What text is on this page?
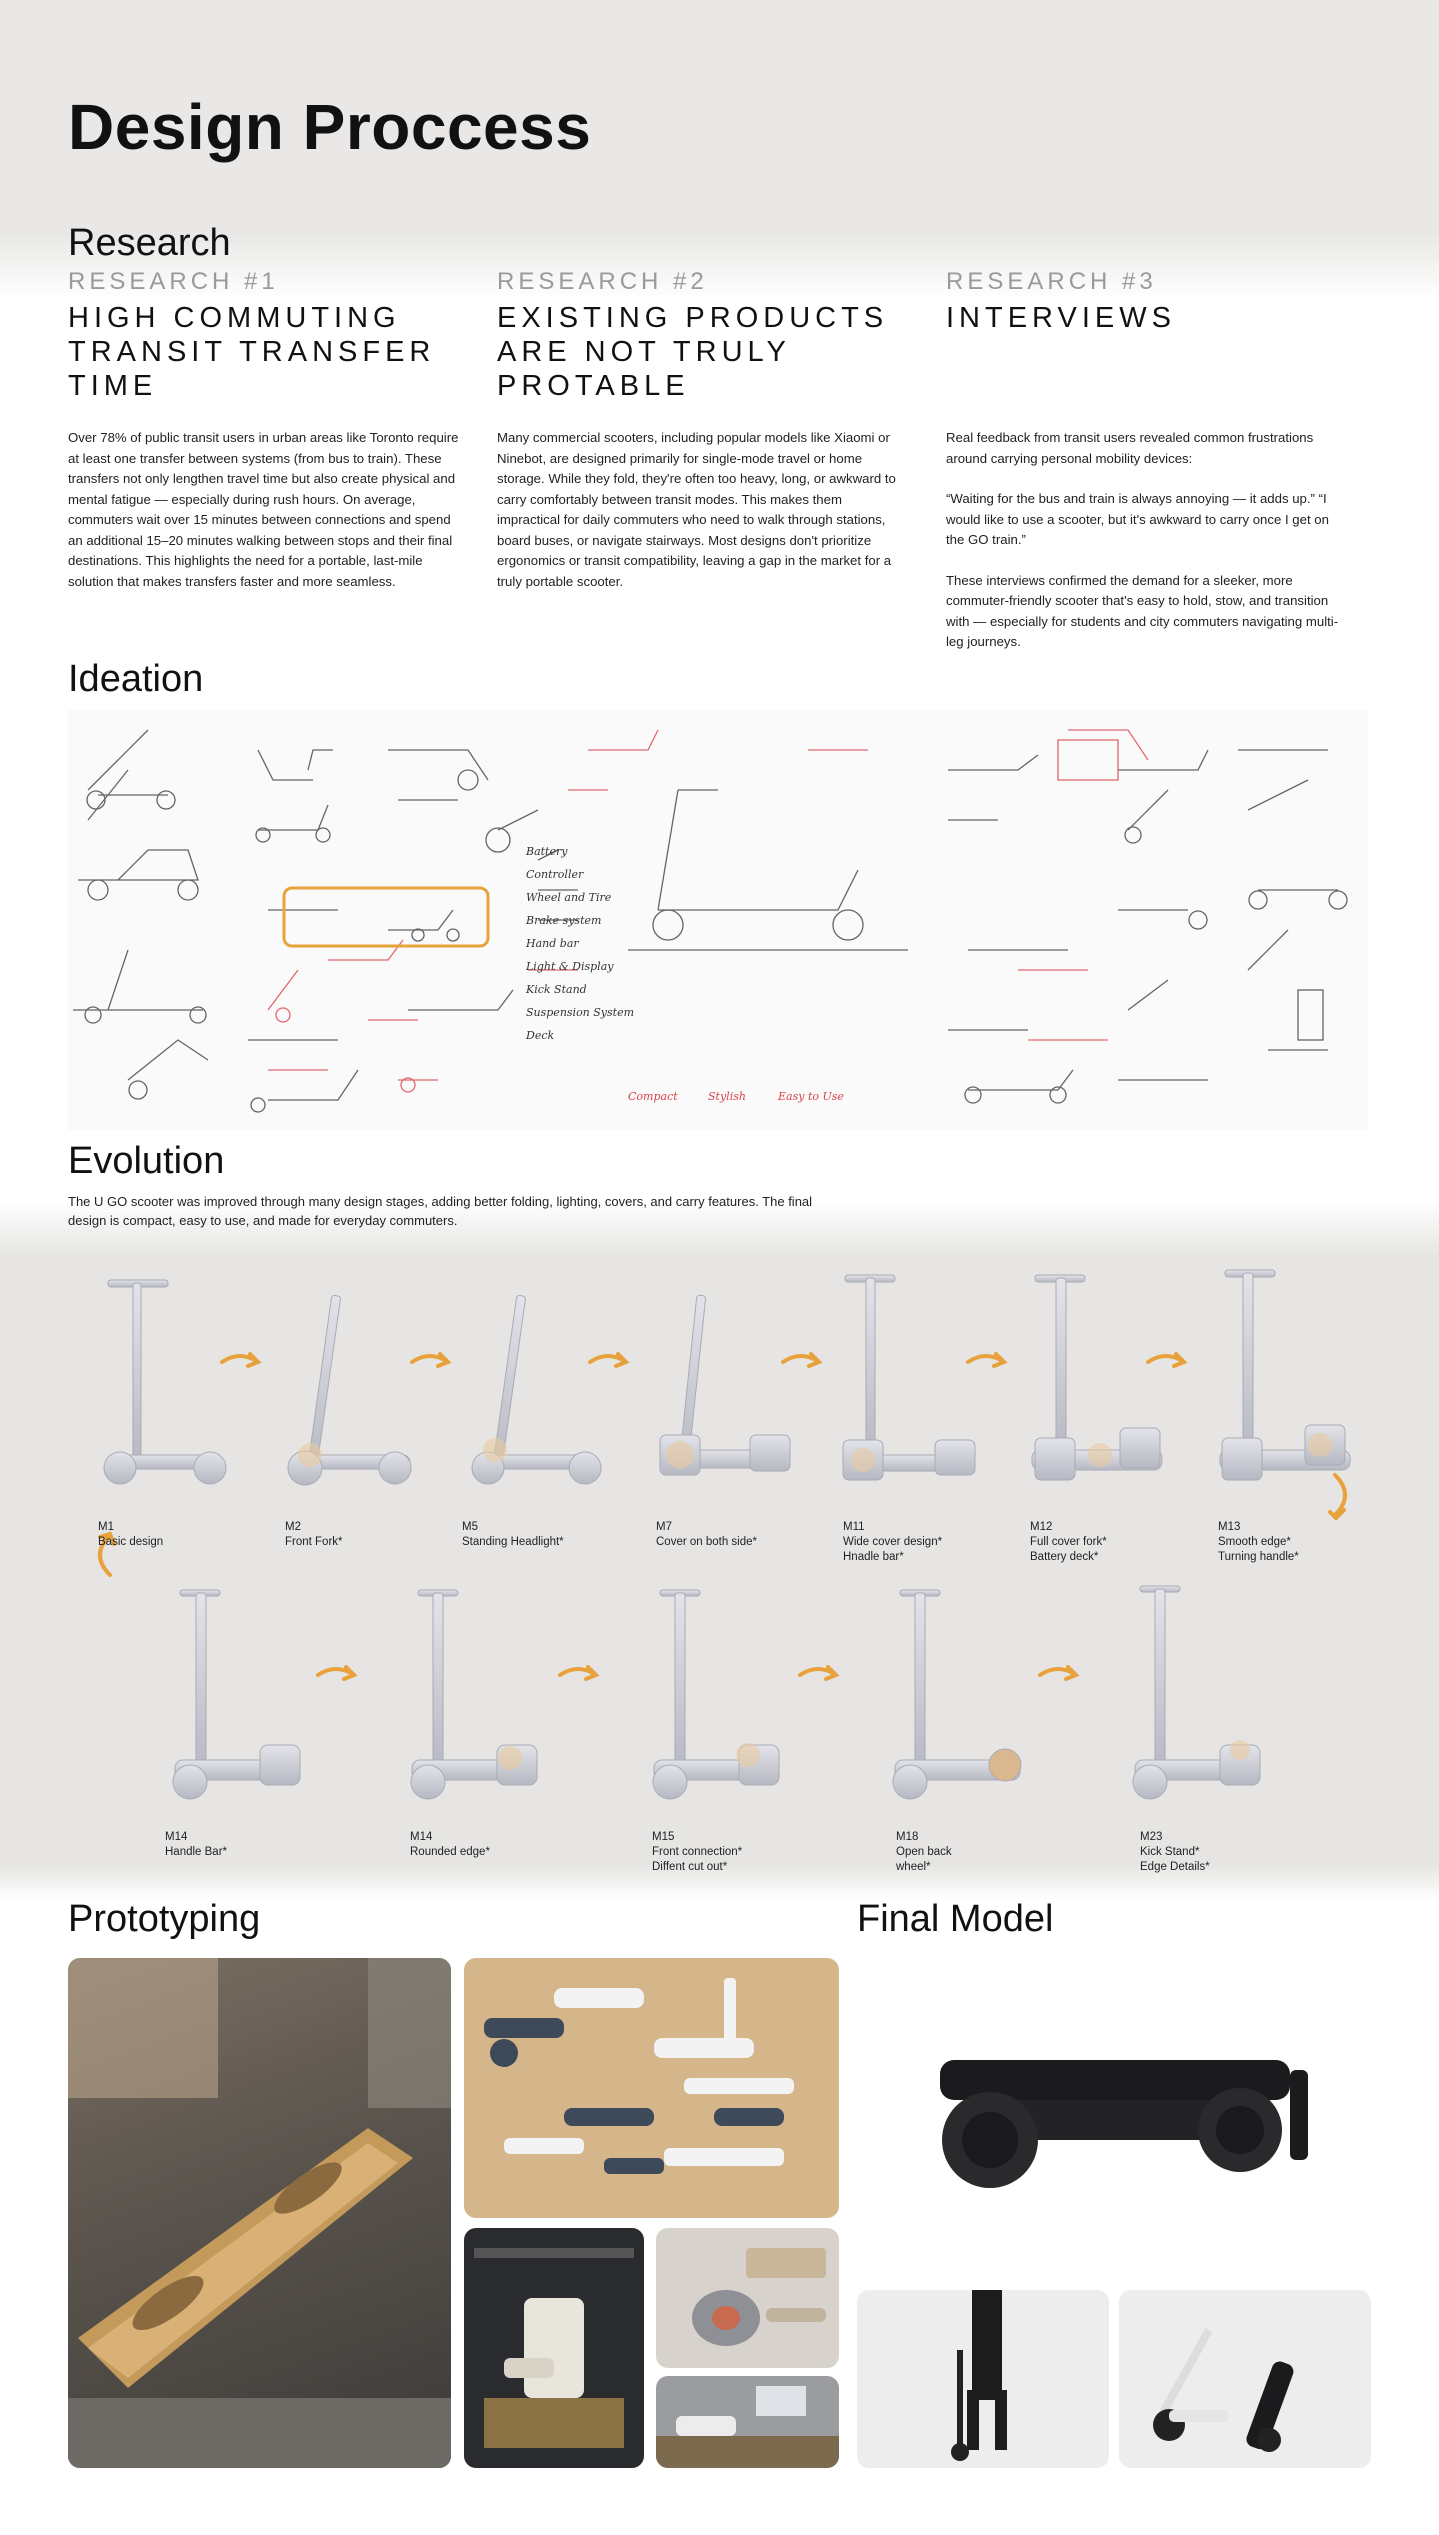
Design Proccess
Research
RESEARCH #1
HIGH COMMUTING
TRANSIT TRANSFER
TIME
Over 78% of public transit users in urban areas like Toronto require at least one transfer between systems (from bus to train). These transfers not only lengthen travel time but also create physical and mental fatigue — especially during rush hours. On average, commuters wait over 15 minutes between connections and spend an additional 15–20 minutes walking between stops and their final destinations. This highlights the need for a portable, last-mile solution that makes transfers faster and more seamless.
RESEARCH #2
EXISTING PRODUCTS
ARE NOT TRULY
PROTABLE
Many commercial scooters, including popular models like Xiaomi or Ninebot, are designed primarily for single-mode travel or home storage. While they fold, they're often too heavy, long, or awkward to carry comfortably between transit modes. This makes them impractical for daily commuters who need to walk through stations, board buses, or navigate stairways. Most designs don't prioritize ergonomics or transit compatibility, leaving a gap in the market for a truly portable scooter.
RESEARCH #3
INTERVIEWS

Real feedback from transit users revealed common frustrations around carrying personal mobility devices:

“Waiting for the bus and train is always annoying — it adds up.” “I would like to use a scooter, but it's awkward to carry once I get on the GO train.”

These interviews confirmed the demand for a sleeker, more commuter-friendly scooter that's easy to hold, stow, and transition with — especially for students and city commuters navigating multi-leg journeys.

Ideation
Battery
Controller
Wheel and Tire
Brake system
Hand bar
Light & Display
Kick Stand
Suspension System
Deck
Compact	Stylish	Easy to Use
Evolution
The U GO scooter was improved through many design stages, adding better folding, lighting, covers, and carry features. The final design is compact, easy to use, and made for everyday commuters.
M1
Basic design
M2
Front Fork*
M5
Standing Headlight*
M7
Cover on both side*
M11
Wide cover design*
Hnadle bar*
M12
Full cover fork*
Battery deck*
M13
Smooth edge*
Turning handle*
M14
Handle Bar*
M14
Rounded edge*
M15
Front connection*
Diffent cut out*
M18
Open back
wheel*
M23
Kick Stand*
Edge Details*
Prototyping	Final Model
